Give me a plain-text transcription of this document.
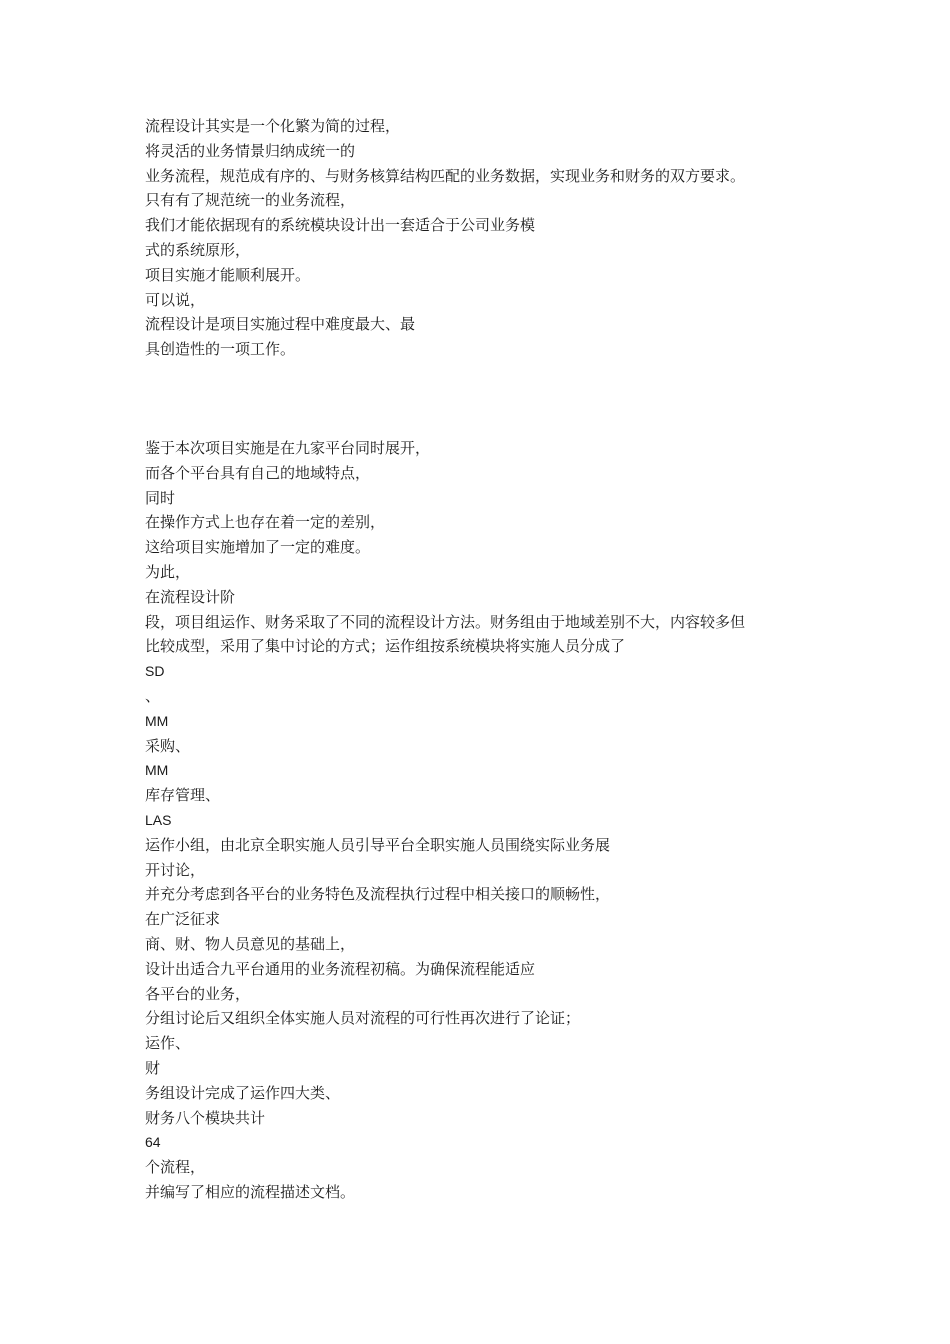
流程设计其实是一个化繁为简的过程，
将灵活的业务情景归纳成统一的
业务流程，规范成有序的、与财务核算结构匹配的业务数据，实现业务和财务的双方要求。
只有有了规范统一的业务流程，
我们才能依据现有的系统模块设计出一套适合于公司业务模
式的系统原形，
项目实施才能顺利展开。
可以说，
流程设计是项目实施过程中难度最大、最
具创造性的一项工作。
鉴于本次项目实施是在九家平台同时展开，
而各个平台具有自己的地域特点，
同时
在操作方式上也存在着一定的差别，
这给项目实施增加了一定的难度。
为此，
在流程设计阶
段，项目组运作、财务采取了不同的流程设计方法。财务组由于地域差别不大，内容较多但
比较成型，采用了集中讨论的方式；运作组按系统模块将实施人员分成了
SD
、
MM
采购、
MM
库存管理、
LAS
运作小组，由北京全职实施人员引导平台全职实施人员围绕实际业务展
开讨论，
并充分考虑到各平台的业务特色及流程执行过程中相关接口的顺畅性，
在广泛征求
商、财、物人员意见的基础上，
设计出适合九平台通用的业务流程初稿。为确保流程能适应
各平台的业务，
分组讨论后又组织全体实施人员对流程的可行性再次进行了论证；
运作、
财
务组设计完成了运作四大类、
财务八个模块共计
64
个流程，
并编写了相应的流程描述文档。
